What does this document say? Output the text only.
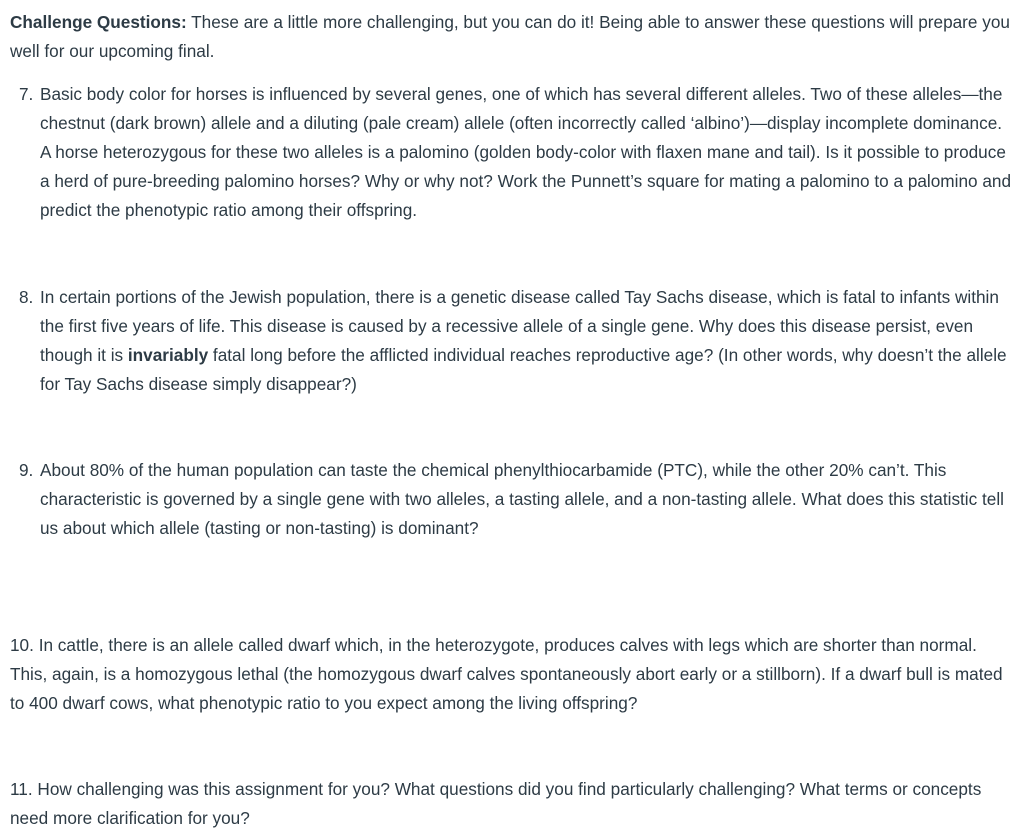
Challenge Questions: These are a little more challenging, but you can do it! Being able to answer these questions will prepare you well for our upcoming final.

7. Basic body color for horses is influenced by several genes, one of which has several different alleles. Two of these alleles—the chestnut (dark brown) allele and a diluting (pale cream) allele (often incorrectly called ‘albino’)—display incomplete dominance. A horse heterozygous for these two alleles is a palomino (golden body-color with flaxen mane and tail). Is it possible to produce a herd of pure-breeding palomino horses? Why or why not? Work the Punnett’s square for mating a palomino to a palomino and predict the phenotypic ratio among their offspring.
8. In certain portions of the Jewish population, there is a genetic disease called Tay Sachs disease, which is fatal to infants within the first five years of life. This disease is caused by a recessive allele of a single gene. Why does this disease persist, even though it is invariably fatal long before the afflicted individual reaches reproductive age? (In other words, why doesn’t the allele for Tay Sachs disease simply disappear?)
9. About 80% of the human population can taste the chemical phenylthiocarbamide (PTC), while the other 20% can’t. This characteristic is governed by a single gene with two alleles, a tasting allele, and a non-tasting allele. What does this statistic tell us about which allele (tasting or non-tasting) is dominant?
10. In cattle, there is an allele called dwarf which, in the heterozygote, produces calves with legs which are shorter than normal. This, again, is a homozygous lethal (the homozygous dwarf calves spontaneously abort early or a stillborn). If a dwarf bull is mated to 400 dwarf cows, what phenotypic ratio to you expect among the living offspring?
11. How challenging was this assignment for you? What questions did you find particularly challenging? What terms or concepts need more clarification for you?
